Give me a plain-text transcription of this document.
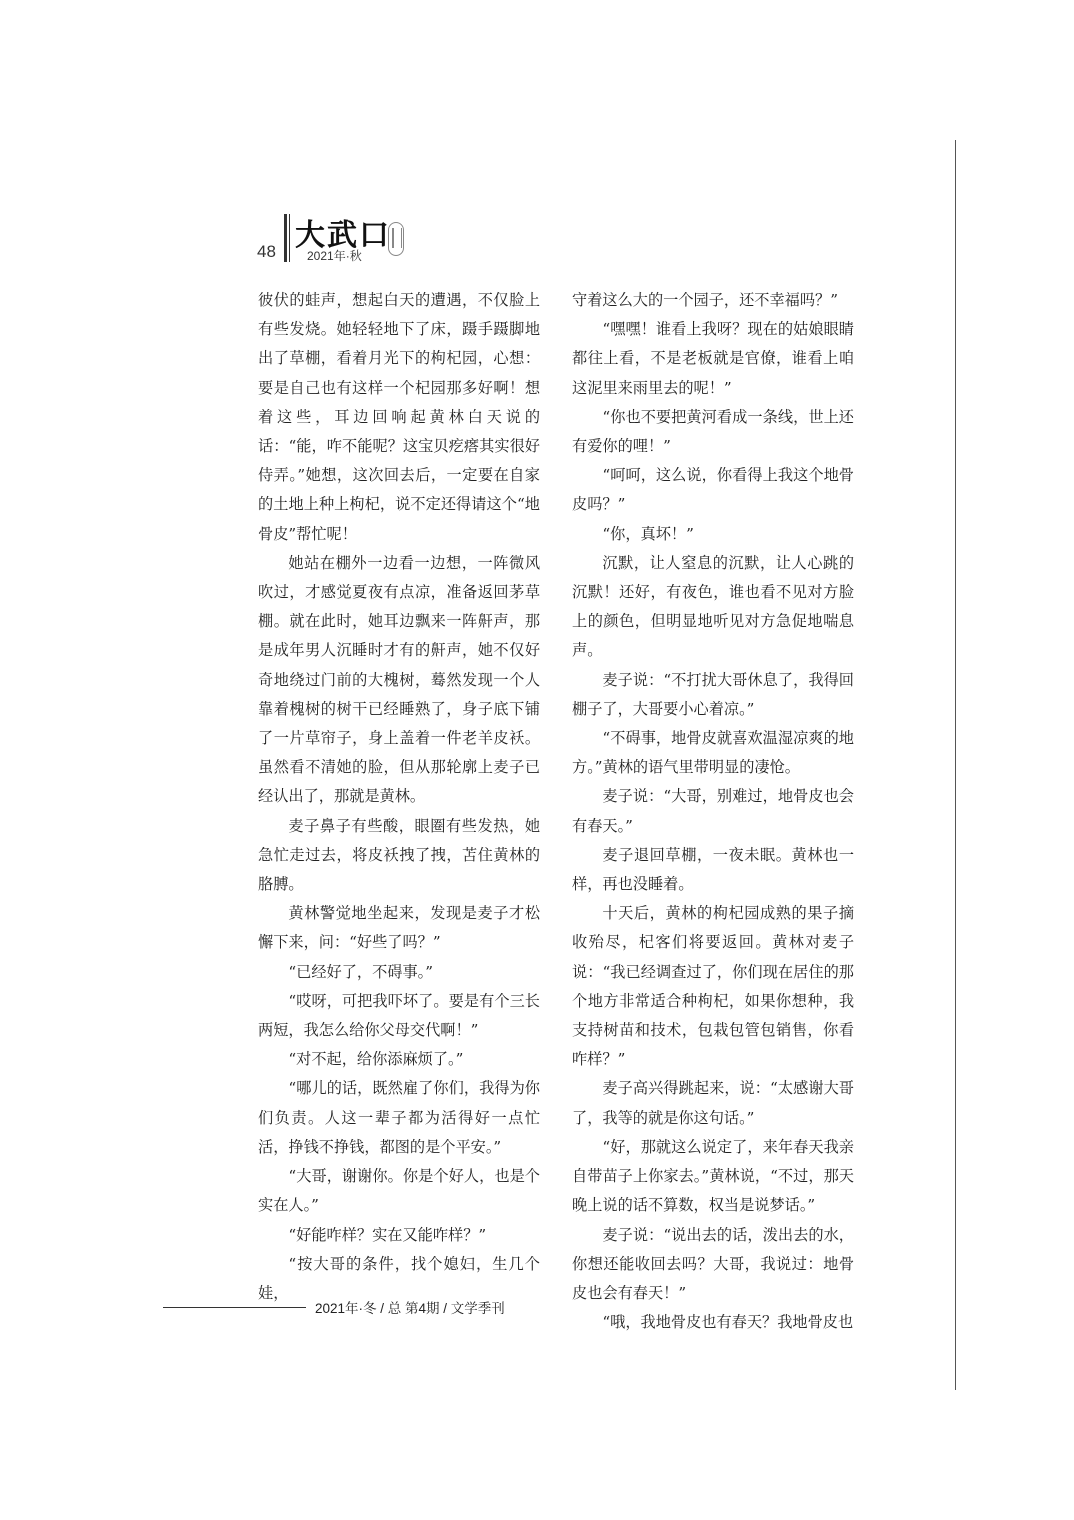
48 大武口
2021年·秋

彼伏的蛙声，想起白天的遭遇，不仅脸上有些发烧。她轻轻地下了床，蹑手蹑脚地出了草棚，看着月光下的枸杞园，心想：要是自己也有这样一个杞园那多好啊！想着这些，耳边回响起黄林白天说的话：“能，咋不能呢？这宝贝疙瘩其实很好侍弄。”她想，这次回去后，一定要在自家的土地上种上枸杞，说不定还得请这个“地骨皮”帮忙呢！

她站在棚外一边看一边想，一阵微风吹过，才感觉夏夜有点凉，准备返回茅草棚。就在此时，她耳边飘来一阵鼾声，那是成年男人沉睡时才有的鼾声，她不仅好奇地绕过门前的大槐树，蓦然发现一个人靠着槐树的树干已经睡熟了，身子底下铺了一片草帘子，身上盖着一件老羊皮袄。虽然看不清她的脸，但从那轮廓上麦子已经认出了，那就是黄林。

麦子鼻子有些酸，眼圈有些发热，她急忙走过去，将皮袄拽了拽，苫住黄林的胳膊。

黄林警觉地坐起来，发现是麦子才松懈下来，问：“好些了吗？”

“已经好了，不碍事。”

“哎呀，可把我吓坏了。要是有个三长两短，我怎么给你父母交代啊！”

“对不起，给你添麻烦了。”

“哪儿的话，既然雇了你们，我得为你们负责。人这一辈子都为活得好一点忙活，挣钱不挣钱，都图的是个平安。”

“大哥，谢谢你。你是个好人，也是个实在人。”

“好能咋样？实在又能咋样？”

“按大哥的条件，找个媳妇，生几个娃，

守着这么大的一个园子，还不幸福吗？”

“嘿嘿！谁看上我呀？现在的姑娘眼睛都往上看，不是老板就是官僚，谁看上咱这泥里来雨里去的呢！”

“你也不要把黄河看成一条线，世上还有爱你的哩！”

“呵呵，这么说，你看得上我这个地骨皮吗？”

“你，真坏！”

沉默，让人窒息的沉默，让人心跳的沉默！还好，有夜色，谁也看不见对方脸上的颜色，但明显地听见对方急促地喘息声。

麦子说：“不打扰大哥休息了，我得回棚子了，大哥要小心着凉。”

“不碍事，地骨皮就喜欢温湿凉爽的地方。”黄林的语气里带明显的凄怆。

麦子说：“大哥，别难过，地骨皮也会有春天。”

麦子退回草棚，一夜未眠。黄林也一样，再也没睡着。

十天后，黄林的枸杞园成熟的果子摘收殆尽，杞客们将要返回。黄林对麦子说：“我已经调查过了，你们现在居住的那个地方非常适合种枸杞，如果你想种，我支持树苗和技术，包栽包管包销售，你看咋样？”

麦子高兴得跳起来，说：“太感谢大哥了，我等的就是你这句话。”

“好，那就这么说定了，来年春天我亲自带苗子上你家去。”黄林说，“不过，那天晚上说的话不算数，权当是说梦话。”

麦子说：“说出去的话，泼出去的水，你想还能收回去吗？大哥，我说过：地骨皮也会有春天！”

“哦，我地骨皮也有春天？我地骨皮也

2021年·冬 / 总 第4期 / 文学季刊
